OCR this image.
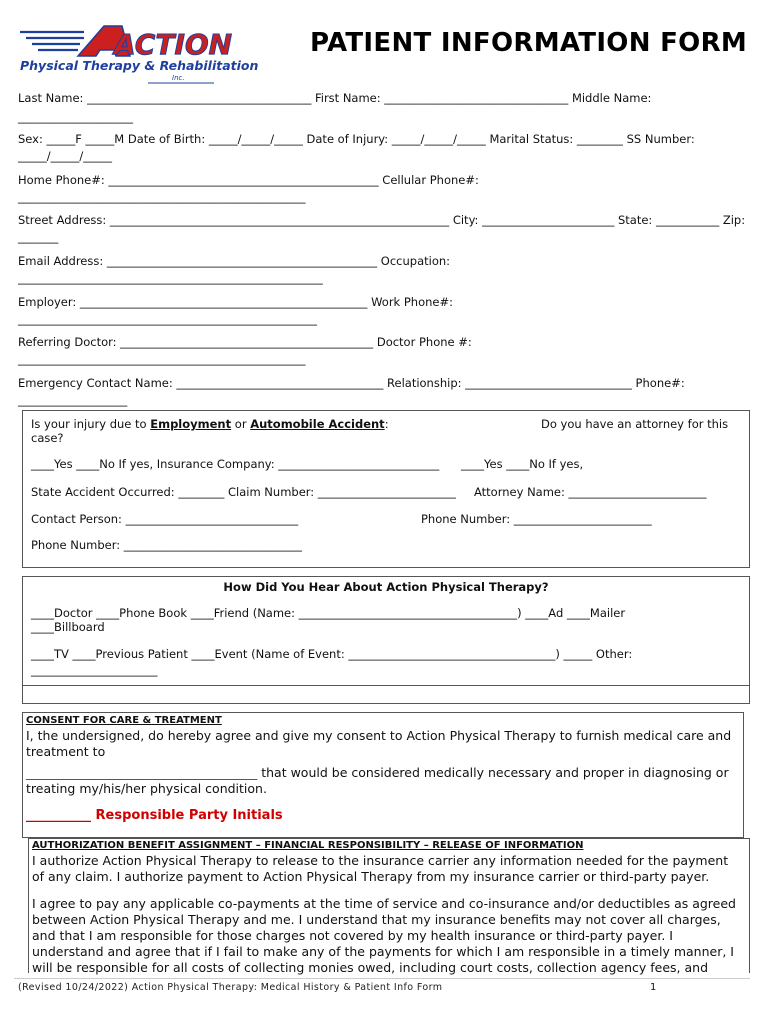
ACTION
Physical Therapy & Rehabilitation
Inc.
PATIENT INFORMATION FORM
Last Name: _______________________________________ First Name: ________________________________ Middle Name:
____________________
Sex: _____F _____M Date of Birth: _____/_____/_____ Date of Injury: _____/_____/_____ Marital Status: ________ SS Number:
_____/_____/_____
Home Phone#: _______________________________________________ Cellular Phone#:
__________________________________________________
Street Address: ___________________________________________________________ City: _______________________ State: ___________ Zip:
_______
Email Address: _______________________________________________ Occupation:
_____________________________________________________
Employer: __________________________________________________ Work Phone#:
____________________________________________________
Referring Doctor: ____________________________________________ Doctor Phone #:
__________________________________________________
Emergency Contact Name: ____________________________________ Relationship: _____________________________ Phone#:
___________________
Is your injury due to Employment or Automobile Accident:	Do you have an attorney for this
case?
____Yes ____No If yes, Insurance Company: ____________________________ ____Yes ____No If yes,
State Accident Occurred: ________ Claim Number: ________________________ Attorney Name: ________________________
Contact Person: ______________________________	Phone Number: ________________________
Phone Number: _______________________________
How Did You Hear About Action Physical Therapy?
____Doctor ____Phone Book ____Friend (Name: ______________________________________) ____Ad ____Mailer
____Billboard
____TV ____Previous Patient ____Event (Name of Event: ____________________________________) _____ Other:
______________________
CONSENT FOR CARE & TREATMENT
I, the undersigned, do hereby agree and give my consent to Action Physical Therapy to furnish medical care and treatment to
_____________________________________ that would be considered medically necessary and proper in diagnosing or treating my/his/her physical condition.
__________ Responsible Party Initials
AUTHORIZATION BENEFIT ASSIGNMENT – FINANCIAL RESPONSIBILITY – RELEASE OF INFORMATION
I authorize Action Physical Therapy to release to the insurance carrier any information needed for the payment of any claim. I authorize payment to Action Physical Therapy from my insurance carrier or third-party payer.
I agree to pay any applicable co-payments at the time of service and co-insurance and/or deductibles as agreed between Action Physical Therapy and me. I understand that my insurance benefits may not cover all charges, and that I am responsible for those charges not covered by my health insurance or third-party payer. I understand and agree that if I fail to make any of the payments for which I am responsible in a timely manner, I will be responsible for all costs of collecting monies owed, including court costs, collection agency fees, and
(Revised 10/24/2022) Action Physical Therapy: Medical History & Patient Info Form	1
